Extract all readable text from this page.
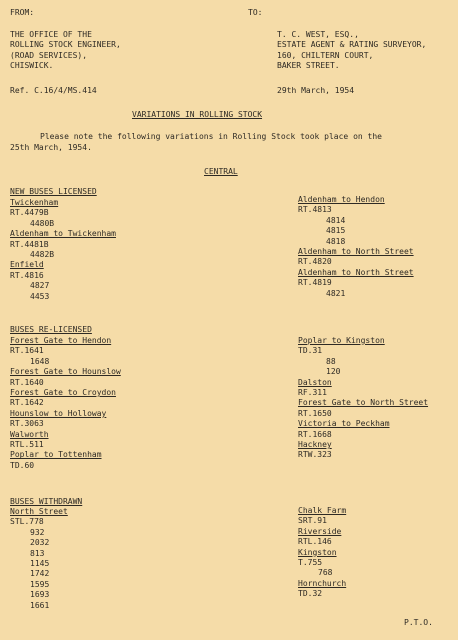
FROM:	TO:
THE OFFICE OF THE
ROLLING STOCK ENGINEER,
(ROAD SERVICES),
CHISWICK.
T. C. WEST, ESQ.,
ESTATE AGENT & RATING SURVEYOR,
160, CHILTERN COURT,
BAKER STREET.
Ref. C.16/4/MS.414	29th March, 1954
VARIATIONS IN ROLLING STOCK
Please note the following variations in Rolling Stock took place on the
25th March, 1954.
CENTRAL
NEW BUSES LICENSED
Twickenham
RT.4479B
4480B
Aldenham to Twickenham
RT.4481B
4482B
Enfield
RT.4816
4827
4453
Aldenham to Hendon
RT.4813
4814
4815
4818
Aldenham to North Street
RT.4820
Aldenham to North Street
RT.4819
4821
BUSES RE-LICENSED
Forest Gate to Hendon
RT.1641
1648
Forest Gate to Hounslow
RT.1640
Forest Gate to Croydon
RT.1642
Hounslow to Holloway
RT.3063
Walworth
RTL.511
Poplar to Tottenham
TD.60
Poplar to Kingston
TD.31
88
120
Dalston
RF.311
Forest Gate to North Street
RT.1650
Victoria to Peckham
RT.1668
Hackney
RTW.323
BUSES WITHDRAWN
North Street
STL.778
932
2032
813
1145
1742
1595
1693
1661
Chalk Farm
SRT.91
Riverside
RTL.146
Kingston
T.755
768
Hornchurch
TD.32
P.T.O.
